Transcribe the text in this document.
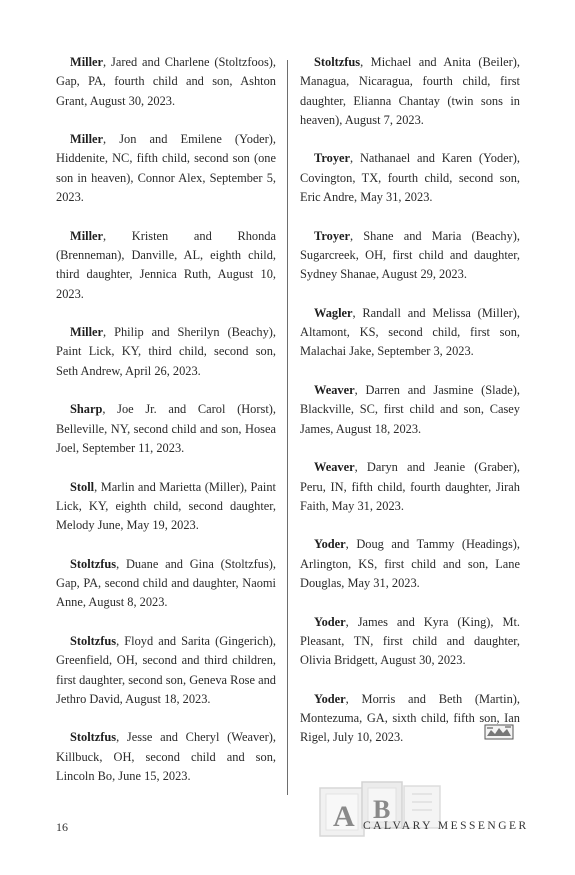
Miller, Jared and Charlene (Stoltzfoos), Gap, PA, fourth child and son, Ashton Grant, August 30, 2023.

Miller, Jon and Emilene (Yoder), Hiddenite, NC, fifth child, second son (one son in heaven), Connor Alex, September 5, 2023.

Miller, Kristen and Rhonda (Brenneman), Danville, AL, eighth child, third daughter, Jennica Ruth, August 10, 2023.

Miller, Philip and Sherilyn (Beachy), Paint Lick, KY, third child, second son, Seth Andrew, April 26, 2023.

Sharp, Joe Jr. and Carol (Horst), Belleville, NY, second child and son, Hosea Joel, September 11, 2023.

Stoll, Marlin and Marietta (Miller), Paint Lick, KY, eighth child, second daughter, Melody June, May 19, 2023.

Stoltzfus, Duane and Gina (Stoltzfus), Gap, PA, second child and daughter, Naomi Anne, August 8, 2023.

Stoltzfus, Floyd and Sarita (Gingerich), Greenfield, OH, second and third children, first daughter, second son, Geneva Rose and Jethro David, August 18, 2023.

Stoltzfus, Jesse and Cheryl (Weaver), Killbuck, OH, second child and son, Lincoln Bo, June 15, 2023.

Stoltzfus, Michael and Anita (Beiler), Managua, Nicaragua, fourth child, first daughter, Elianna Chantay (twin sons in heaven), August 7, 2023.

Troyer, Nathanael and Karen (Yoder), Covington, TX, fourth child, second son, Eric Andre, May 31, 2023.

Troyer, Shane and Maria (Beachy), Sugarcreek, OH, first child and daughter, Sydney Shanae, August 29, 2023.

Wagler, Randall and Melissa (Miller), Altamont, KS, second child, first son, Malachai Jake, September 3, 2023.

Weaver, Darren and Jasmine (Slade), Blackville, SC, first child and son, Casey James, August 18, 2023.

Weaver, Daryn and Jeanie (Graber), Peru, IN, fifth child, fourth daughter, Jirah Faith, May 31, 2023.

Yoder, Doug and Tammy (Headings), Arlington, KS, first child and son, Lane Douglas, May 31, 2023.

Yoder, James and Kyra (King), Mt. Pleasant, TN, first child and daughter, Olivia Bridgett, August 30, 2023.

Yoder, Morris and Beth (Martin), Montezuma, GA, sixth child, fifth son, Ian Rigel, July 10, 2023.

A B
16	CALVARY MESSENGER
